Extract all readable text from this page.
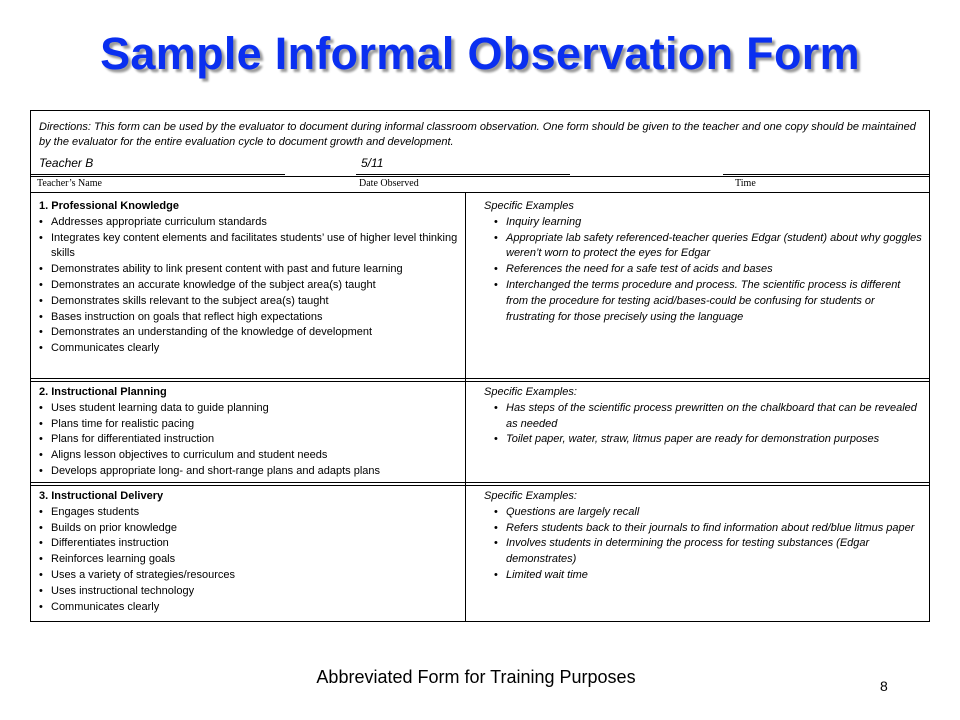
Sample Informal Observation Form
Directions: This form can be used by the evaluator to document during informal classroom observation. One form should be given to the teacher and one copy should be maintained by the evaluator for the entire evaluation cycle to document growth and development.
Teacher B	5/11
Teacher’s Name	Date Observed	Time
1. Professional Knowledge
• Addresses appropriate curriculum standards
• Integrates key content elements and facilitates students’ use of higher level thinking skills
• Demonstrates ability to link present content with past and future learning
• Demonstrates an accurate knowledge of the subject area(s) taught
• Demonstrates skills relevant to the subject area(s) taught
• Bases instruction on goals that reflect high expectations
• Demonstrates an understanding of the knowledge of development
• Communicates clearly
Specific Examples
• Inquiry learning
• Appropriate lab safety referenced-teacher queries Edgar (student) about why goggles weren’t worn to protect the eyes for Edgar
• References the need for a safe test of acids and bases
• Interchanged the terms procedure and process. The scientific process is different from the procedure for testing acid/bases-could be confusing for students or frustrating for those precisely using the language
2. Instructional Planning
• Uses student learning data to guide planning
• Plans time for realistic pacing
• Plans for differentiated instruction
• Aligns lesson objectives to curriculum and student needs
• Develops appropriate long- and short-range plans and adapts plans
Specific Examples:
• Has steps of the scientific process prewritten on the chalkboard that can be revealed as needed
• Toilet paper, water, straw, litmus paper are ready for demonstration purposes
3. Instructional Delivery
• Engages students
• Builds on prior knowledge
• Differentiates instruction
• Reinforces learning goals
• Uses a variety of strategies/resources
• Uses instructional technology
• Communicates clearly
Specific Examples:
• Questions are largely recall
• Refers students back to their journals to find information about red/blue litmus paper
• Involves students in determining the process for testing substances (Edgar demonstrates)
• Limited wait time
Abbreviated Form for Training Purposes	8
